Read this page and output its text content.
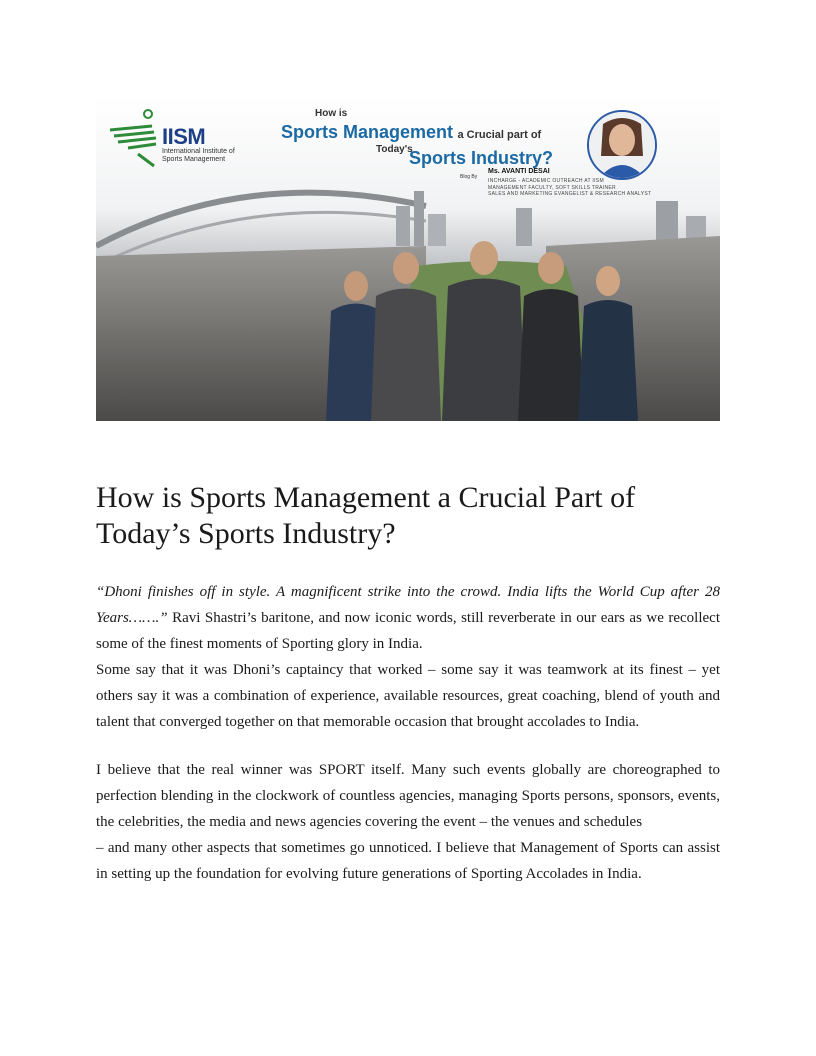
IISM
International Institute of
Sports Management
How is
Sports Management a Crucial part of
Today's
Sports Industry?
Blog By
Ms. AVANTI DESAI
INCHARGE - ACADEMIC OUTREACH AT IISM
MANAGEMENT FACULTY, SOFT SKILLS TRAINER
SALES AND MARKETING EVANGELIST & RESEARCH ANALYST
How is Sports Management a Crucial Part of
Today’s Sports Industry?

“Dhoni finishes off in style. A magnificent strike into the crowd. India lifts the World Cup after 28 Years…….” Ravi Shastri’s baritone, and now iconic words, still reverberate in our ears as we recollect some of the finest moments of Sporting glory in India.
Some say that it was Dhoni’s captaincy that worked – some say it was teamwork at its finest – yet others say it was a combination of experience, available resources, great coaching, blend of youth and talent that converged together on that memorable occasion that brought accolades to India.

I believe that the real winner was SPORT itself. Many such events globally are choreographed to perfection blending in the clockwork of countless agencies, managing Sports persons, sponsors, events, the celebrities, the media and news agencies covering the event – the venues and schedules
– and many other aspects that sometimes go unnoticed. I believe that Management of Sports can assist in setting up the foundation for evolving future generations of Sporting Accolades in India.
